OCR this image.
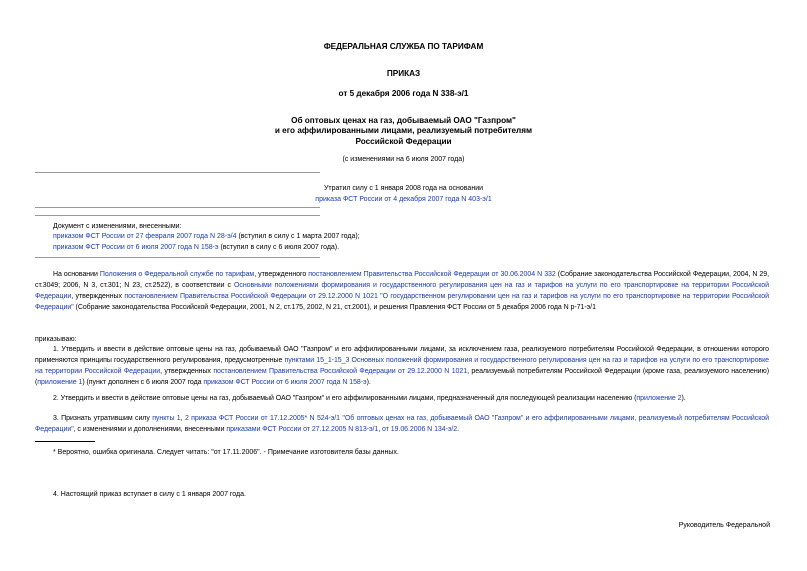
ФЕДЕРАЛЬНАЯ СЛУЖБА ПО ТАРИФАМ
ПРИКАЗ
от 5 декабря 2006 года N 338-э/1
Об оптовых ценах на газ, добываемый ОАО "Газпром"
и его аффилированными лицами, реализуемый потребителям
Российской Федерации
(с изменениями на 6 июля 2007 года)
Утратил силу с 1 января 2008 года на основании
приказа ФСТ России от 4 декабря 2007 года N 403-э/1
Документ с изменениями, внесенными:
приказом ФСТ России от 27 февраля 2007 года N 28-э/4 (вступил в силу с 1 марта 2007 года);
приказом ФСТ России от 6 июля 2007 года N 158-э (вступил в силу с 6 июля 2007 года).

На основании Положения о Федеральной службе по тарифам, утвержденного постановлением Правительства Российской Федерации от 30.06.2004 N 332 (Собрание законодательства Российской Федерации, 2004, N 29, ст.3049; 2006, N 3, ст.301; N 23, ст.2522), в соответствии с Основными положениями формирования и государственного регулирования цен на газ и тарифов на услуги по его транспортировке на территории Российской Федерации, утвержденных постановлением Правительства Российской Федерации от 29.12.2000 N 1021 "О государственном регулировании цен на газ и тарифов на услуги по его транспортировке на территории Российской Федерации" (Собрание законодательства Российской Федерации, 2001, N 2, ст.175, 2002, N 21, ст.2001), и решения Правления ФСТ России от 5 декабря 2006 года N р-71-э/1

приказываю:

1. Утвердить и ввести в действие оптовые цены на газ, добываемый ОАО "Газпром" и его аффилированными лицами, за исключением газа, реализуемого потребителям Российской Федерации, в отношении которого применяются принципы государственного регулирования, предусмотренные пунктами 15_1-15_3 Основных положений формирования и государственного регулирования цен на газ и тарифов на услуги по его транспортировке на территории Российской Федерации, утвержденных постановлением Правительства Российской Федерации от 29.12.2000 N 1021, реализуемый потребителям Российской Федерации (кроме газа, реализуемого населению) (приложение 1) (пункт дополнен с 6 июля 2007 года приказом ФСТ России от 6 июля 2007 года N 158-э).

2. Утвердить и ввести в действие оптовые цены на газ, добываемый ОАО "Газпром" и его аффилированными лицами, предназначенный для последующей реализации населению (приложение 2).

3. Признать утратившим силу пункты 1, 2 приказа ФСТ России от 17.12.2005* N 524-э/1 "Об оптовых ценах на газ, добываемый ОАО "Газпром" и его аффилированными лицами, реализуемый потребителям Российской Федерации", с изменениями и дополнениями, внесенными приказами ФСТ России от 27.12.2005 N 813-э/1, от 19.06.2006 N 134-э/2.

* Вероятно, ошибка оригинала. Следует читать: "от 17.11.2006". - Примечание изготовителя базы данных.
4. Настоящий приказ вступает в силу с 1 января 2007 года.
Руководитель Федеральной
